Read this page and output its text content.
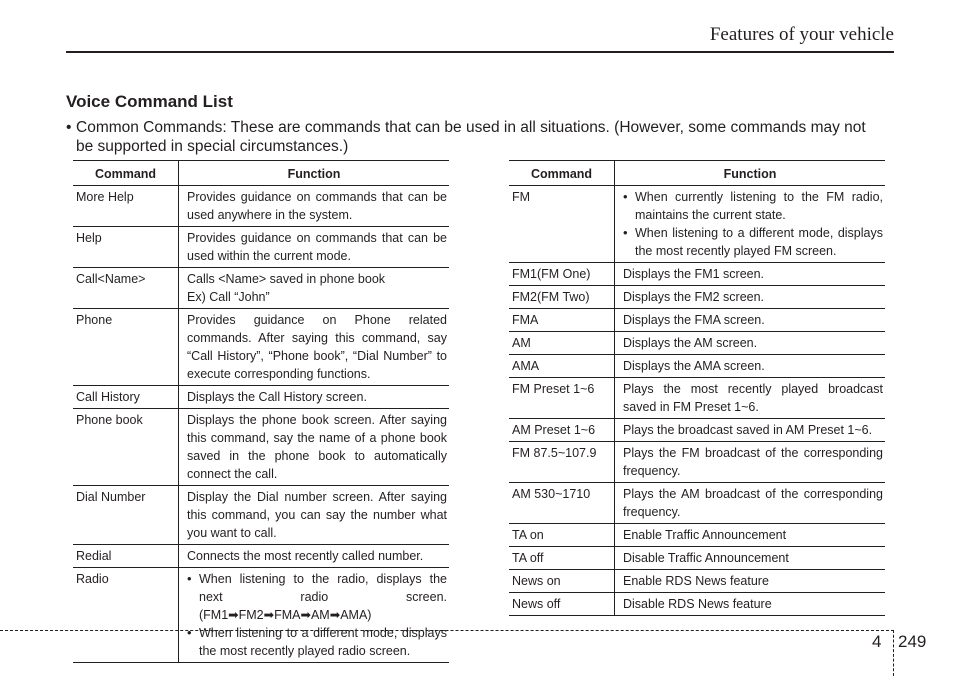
Features of your vehicle
Voice Command List
• Common Commands: These are commands that can be used in all situations. (However, some commands may not
be supported in special circumstances.)
Command	Function
More Help	Provides guidance on commands that can be used anywhere in the system.
Help	Provides guidance on commands that can be used within the current mode.
Call<Name>	Calls <Name> saved in phone book
Ex) Call “John”

Phone	Provides guidance on Phone related commands. After saying this command, say “Call History”, “Phone book”, “Dial Number” to execute corresponding functions.
Call History	Displays the Call History screen.
Phone book	Displays the phone book screen. After saying this command, say the name of a phone book saved in the phone book to automatically connect the call.
Dial Number	Display the Dial number screen. After saying this command, you can say the number what you want to call.
Redial	Connects the most recently called number.
Radio	• When listening to the radio, displays the next radio screen. (FM1➡FM2➡FMA➡AM➡AMA)
• When listening to a different mode, displays the most recently played radio screen.
Command	Function
FM	• When currently listening to the FM radio, maintains the current state.
• When listening to a different mode, displays the most recently played FM screen.

FM1(FM One)	Displays the FM1 screen.
FM2(FM Two)	Displays the FM2 screen.
FMA	Displays the FMA screen.
AM	Displays the AM screen.
AMA	Displays the AMA screen.
FM Preset 1~6	Plays the most recently played broadcast saved in FM Preset 1~6.
AM Preset 1~6	Plays the broadcast saved in AM Preset 1~6.
FM 87.5~107.9	Plays the FM broadcast of the corresponding frequency.
AM 530~1710	Plays the AM broadcast of the corresponding frequency.
TA on	Enable Traffic Announcement
TA off	Disable Traffic Announcement
News on	Enable RDS News feature
News off	Disable RDS News feature
4 249
